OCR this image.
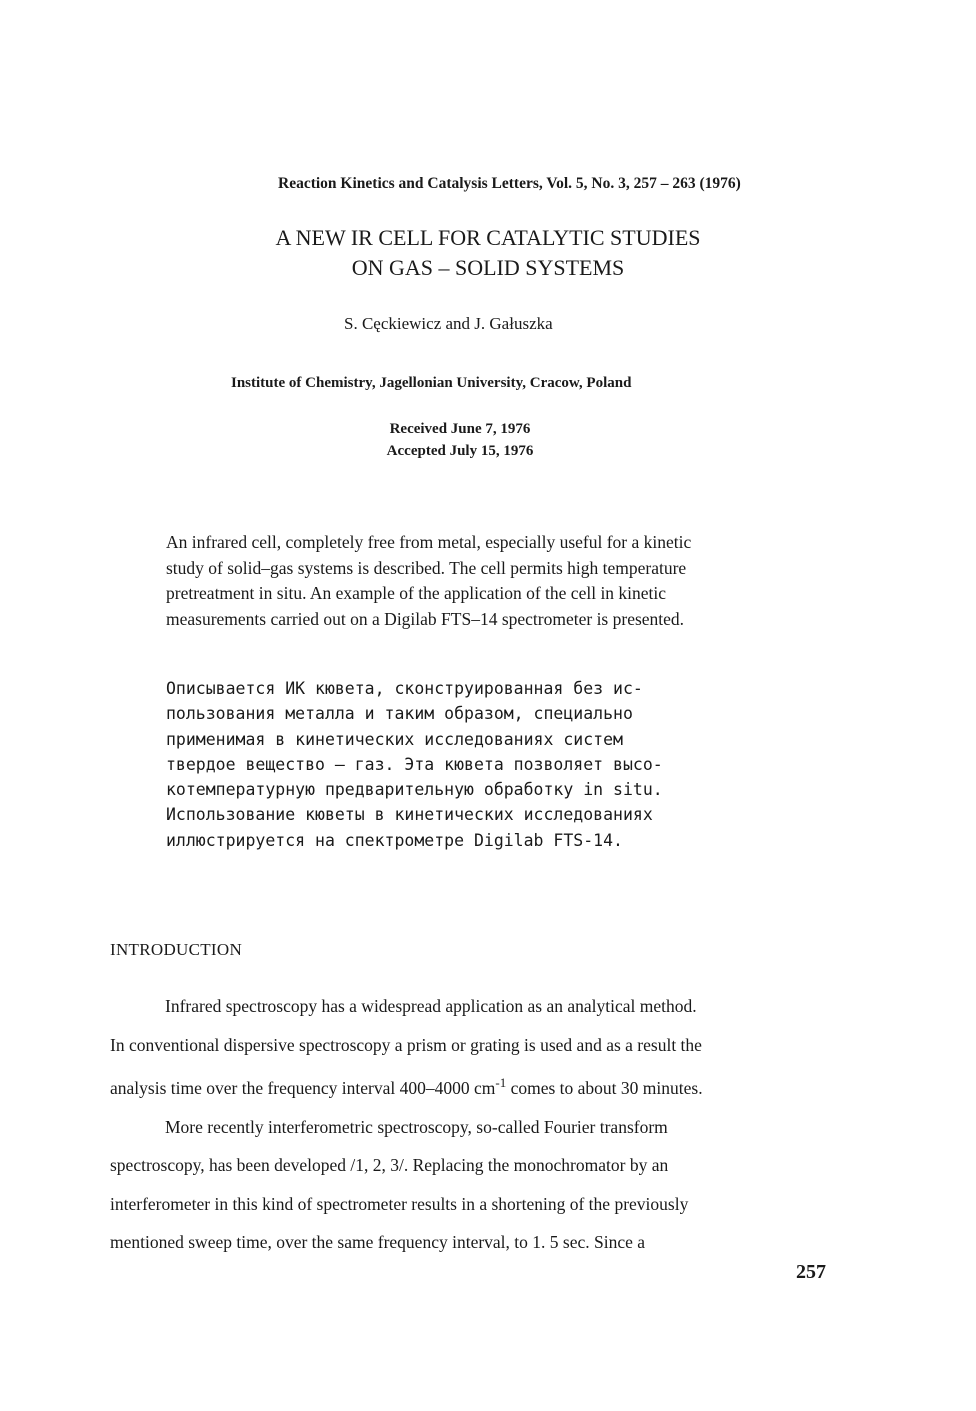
Reaction Kinetics and Catalysis Letters, Vol. 5, No. 3, 257 – 263 (1976)
A NEW IR CELL FOR CATALYTIC STUDIES
ON GAS – SOLID SYSTEMS
S. Cęckiewicz and J. Gałuszka
Institute of Chemistry, Jagellonian University, Cracow, Poland
Received June 7, 1976
Accepted July 15, 1976
An infrared cell, completely free from metal, especially useful for a kinetic
study of solid–gas systems is described. The cell permits high temperature
pretreatment in situ. An example of the application of the cell in kinetic
measurements carried out on a Digilab FTS–14 spectrometer is presented.
Описывается ИК кювета, сконструированная без ис-
пользования металла и таким образом, специально
применимая в кинетических исследованиях систем
твердое вещество – газ. Эта кювета позволяет высо-
котемпературную предварительную обработку in situ.
Использование кюветы в кинетических исследованиях
иллюстрируется на спектрометре Digilab FTS-14.
INTRODUCTION
Infrared spectroscopy has a widespread application as an analytical method.
In conventional dispersive spectroscopy a prism or grating is used and as a result the
analysis time over the frequency interval 400–4000 $cm^{-1}$ comes to about 30 minutes.
More recently interferometric spectroscopy, so-called Fourier transform
spectroscopy, has been developed /1, 2, 3/. Replacing the monochromator by an
interferometer in this kind of spectrometer results in a shortening of the previously
mentioned sweep time, over the same frequency interval, to 1. 5 sec. Since a
257
